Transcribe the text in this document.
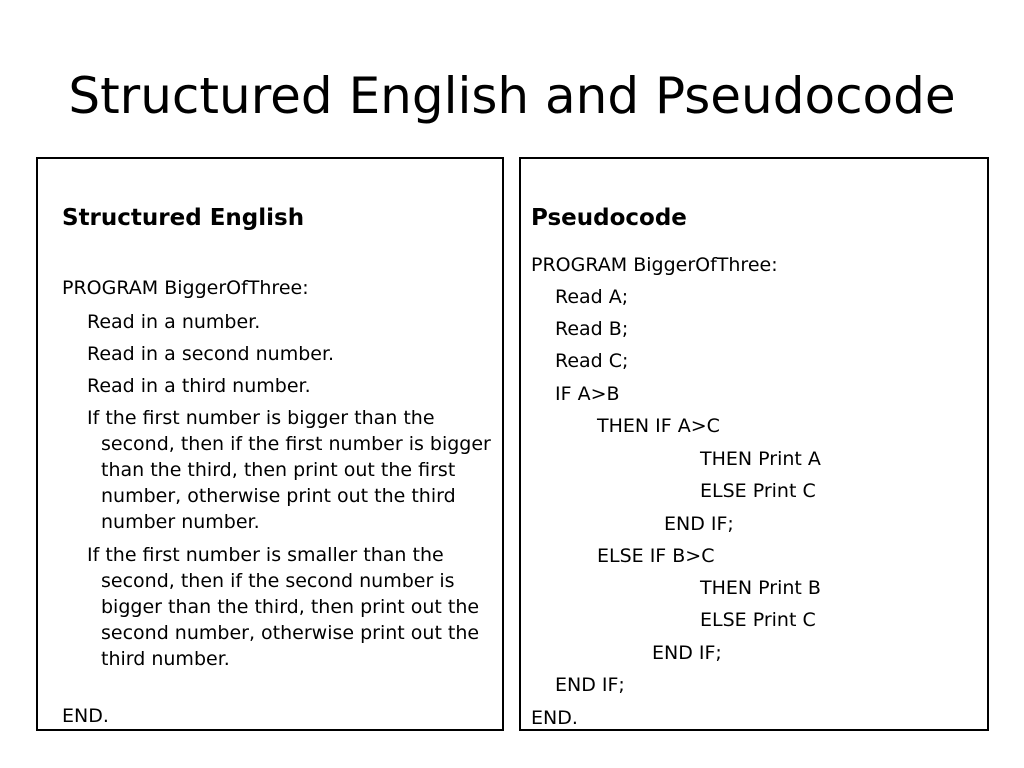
Structured English and Pseudocode
Structured English
PROGRAM BiggerOfThree:
Read in a number.
Read in a second number.
Read in a third number.
If the first number is bigger than the second, then if the first number is bigger than the third, then print out the first number, otherwise print out the third number number.
If the first number is smaller than the second, then if the second number is bigger than the third, then print out the second number, otherwise print out the third number.
END.
Pseudocode
PROGRAM BiggerOfThree:
Read A;
Read B;
Read C;
IF A>B
THEN IF A>C
THEN Print A
ELSE Print C
END IF;
ELSE IF B>C
THEN Print B
ELSE Print C
END IF;
END IF;
END.
